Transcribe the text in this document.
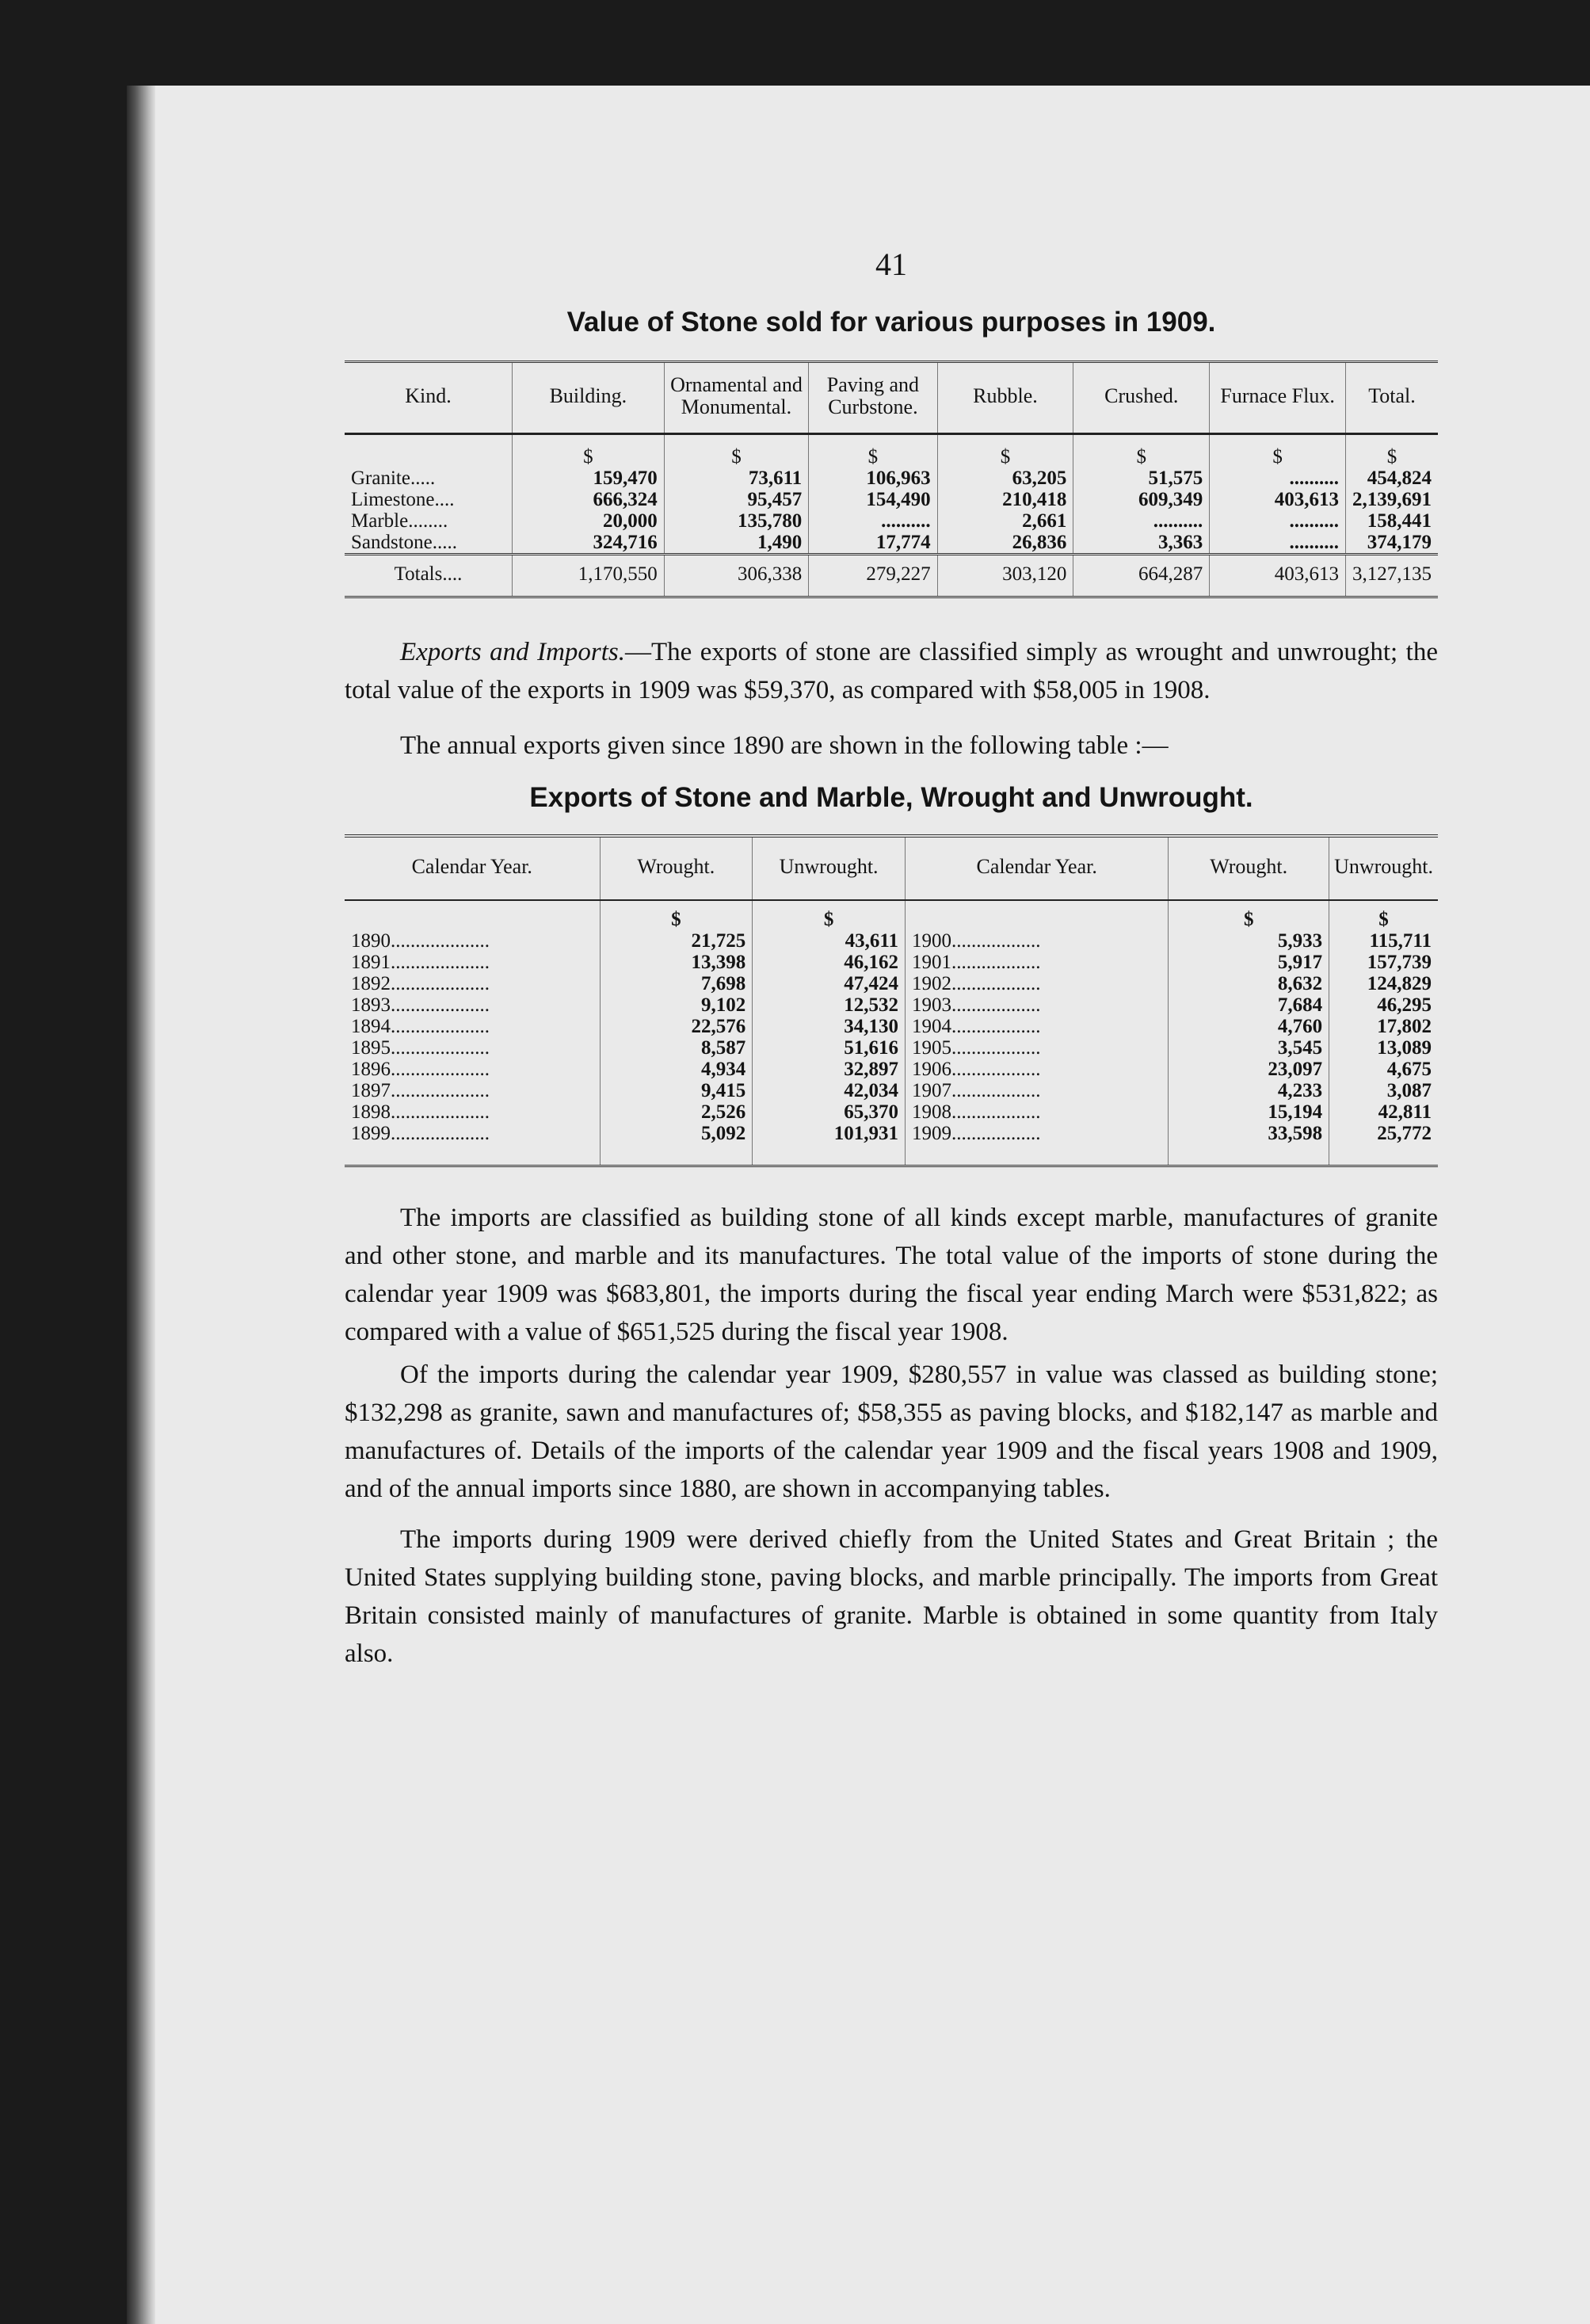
41
Value of Stone sold for various purposes in 1909.
Kind.	Building.	Ornamental and Monumental.	Paving and Curbstone.	Rubble.	Crushed.	Furnace Flux.	Total.
	$	$	$	$	$	$	$
Granite.....	159,470	73,611	106,963	63,205	51,575	..........	454,824
Limestone....	666,324	95,457	154,490	210,418	609,349	403,613	2,139,691
Marble........	20,000	135,780	..........	2,661	..........	..........	158,441
Sandstone.....	324,716	1,490	17,774	26,836	3,363	..........	374,179
Totals....	1,170,550	306,338	279,227	303,120	664,287	403,613	3,127,135

Exports and Imports.—The exports of stone are classified simply as wrought and unwrought; the total value of the exports in 1909 was $59,370, as compared with $58,005 in 1908.

The annual exports given since 1890 are shown in the following table :—

Exports of Stone and Marble, Wrought and Unwrought.
Calendar Year.	Wrought.	Unwrought.	Calendar Year.	Wrought.	Unwrought.
	$	$		$	$
1890....................	21,725	43,611	1900..................	5,933	115,711
1891....................	13,398	46,162	1901..................	5,917	157,739
1892....................	7,698	47,424	1902..................	8,632	124,829
1893....................	9,102	12,532	1903..................	7,684	46,295
1894....................	22,576	34,130	1904..................	4,760	17,802
1895....................	8,587	51,616	1905..................	3,545	13,089
1896....................	4,934	32,897	1906..................	23,097	4,675
1897....................	9,415	42,034	1907..................	4,233	3,087
1898....................	2,526	65,370	1908..................	15,194	42,811
1899....................	5,092	101,931	1909..................	33,598	25,772

The imports are classified as building stone of all kinds except marble, manufactures of granite and other stone, and marble and its manufactures. The total value of the imports of stone during the calendar year 1909 was $683,801, the imports during the fiscal year ending March were $531,822; as compared with a value of $651,525 during the fiscal year 1908.

Of the imports during the calendar year 1909, $280,557 in value was classed as building stone; $132,298 as granite, sawn and manufactures of; $58,355 as paving blocks, and $182,147 as marble and manufactures of. Details of the imports of the calendar year 1909 and the fiscal years 1908 and 1909, and of the annual imports since 1880, are shown in accompanying tables.

The imports during 1909 were derived chiefly from the United States and Great Britain ; the United States supplying building stone, paving blocks, and marble principally. The imports from Great Britain consisted mainly of manufactures of granite. Marble is obtained in some quantity from Italy also.
